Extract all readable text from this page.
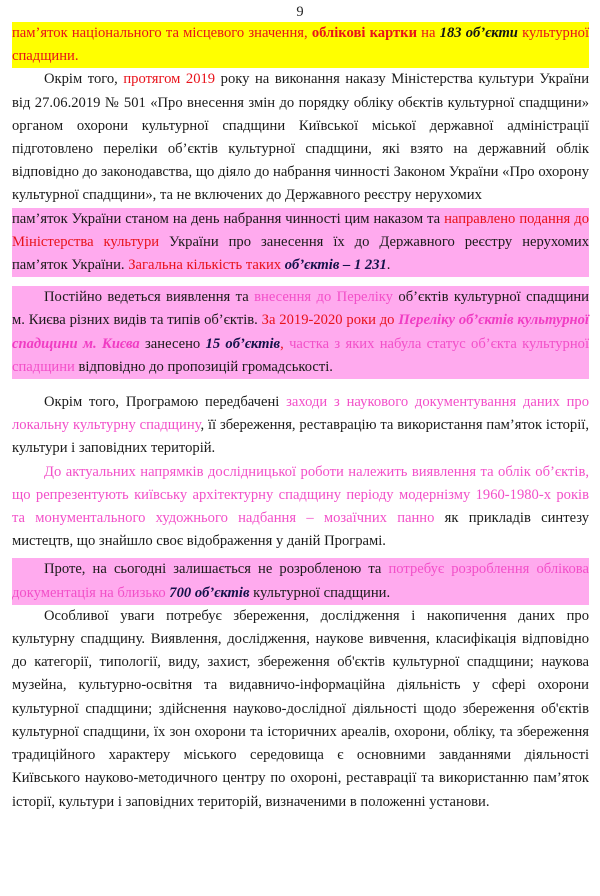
9

пам’яток національного та місцевого значення, облікові картки на 183 об’єкти культурної спадщини.

Окрім того, протягом 2019 року на виконання наказу Міністерства культури України від 27.06.2019 № 501 «Про внесення змін до порядку обліку обєктів культурної спадщини» органом охорони культурної спадщини Київської міської державної адміністрації підготовлено переліки об’єктів культурної спадщини, які взято на державний облік відповідно до законодавства, що діяло до набрання чинності Законом України «Про охорону культурної спадщини», та не включених до Державного реєстру нерухомих

пам’яток України станом на день набрання чинності цим наказом та направлено подання до Міністерства культури України про занесення їх до Державного реєстру нерухомих пам’яток України. Загальна кількість таких об’єктів – 1 231.

Постійно ведеться виявлення та внесення до Переліку об’єктів культурної спадщини м. Києва різних видів та типів об’єктів. За 2019-2020 роки до Переліку об’єктів культурної спадщини м. Києва занесено 15 об’єктів, частка з яких набула статус об’єкта культурної спадщини відповідно до пропозицій громадськості.

Окрім того, Програмою передбачені заходи з наукового документування даних про локальну культурну спадщину, її збереження, реставрацію та використання пам’яток історії, культури і заповідних територій.

До актуальних напрямків дослідницької роботи належить виявлення та облік об’єктів, що репрезентують київську архітектурну спадщину періоду модернізму 1960-1980-х років та монументального художнього надбання – мозаїчних панно як прикладів синтезу мистецтв, що знайшло своє відображення у даній Програмі.

Проте, на сьогодні залишається не розробленою та потребує розроблення облікова документація на близько 700 об’єктів культурної спадщини.

Особливої уваги потребує збереження, дослідження і накопичення даних про культурну спадщину. Виявлення, дослідження, наукове вивчення, класифікація відповідно до категорії, типології, виду, захист, збереження об'єктів культурної спадщини; наукова музейна, культурно-освітня та видавничо-інформаційна діяльність у сфері охорони культурної спадщини; здійснення науково-дослідної діяльності щодо збереження об'єктів культурної спадщини, їх зон охорони та історичних ареалів, охорони, обліку, та збереження традиційного характеру міського середовища є основними завданнями діяльності Київського науково-методичного центру по охороні, реставрації та використанню пам’яток історії, культури і заповідних територій, визначеними в положенні установи.
